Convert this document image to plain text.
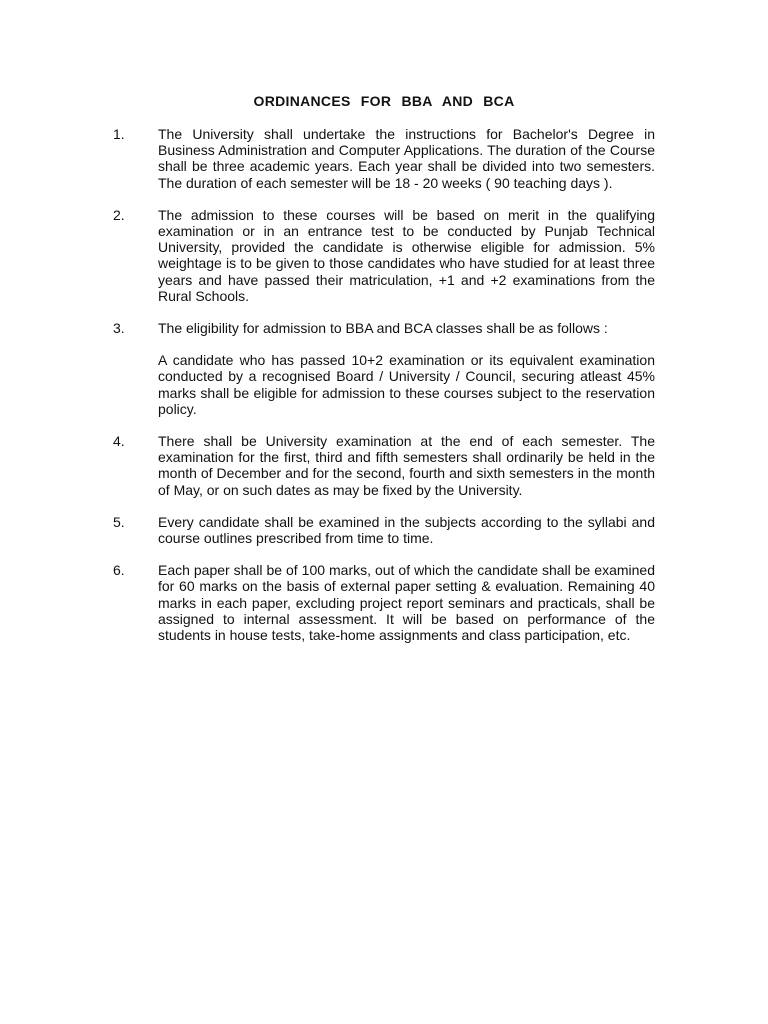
ORDINANCES FOR BBA AND BCA
1.	The University shall undertake the instructions for Bachelor's Degree in Business Administration and Computer Applications. The duration of the Course shall be three academic years. Each year shall be divided into two semesters. The duration of each semester will be 18 - 20 weeks ( 90 teaching days ).

2.	The admission to these courses will be based on merit in the qualifying examination or in an entrance test to be conducted by Punjab Technical University, provided the candidate is otherwise eligible for admission. 5% weightage is to be given to those candidates who have studied for at least three years and have passed their matriculation, +1 and +2 examinations from the Rural Schools.

3.	The eligibility for admission to BBA and BCA classes shall be as follows :

A candidate who has passed 10+2 examination or its equivalent examination conducted by a recognised Board / University / Council, securing atleast 45% marks shall be eligible for admission to these courses subject to the reservation policy.

4.	There shall be University examination at the end of each semester. The examination for the first, third and fifth semesters shall ordinarily be held in the month of December and for the second, fourth and sixth semesters in the month of May, or on such dates as may be fixed by the University.

5.	Every candidate shall be examined in the subjects according to the syllabi and course outlines prescribed from time to time.

6.	Each paper shall be of 100 marks, out of which the candidate shall be examined for 60 marks on the basis of external paper setting & evaluation. Remaining 40 marks in each paper, excluding project report seminars and practicals, shall be assigned to internal assessment. It will be based on performance of the students in house tests, take-home assignments and class participation, etc.
